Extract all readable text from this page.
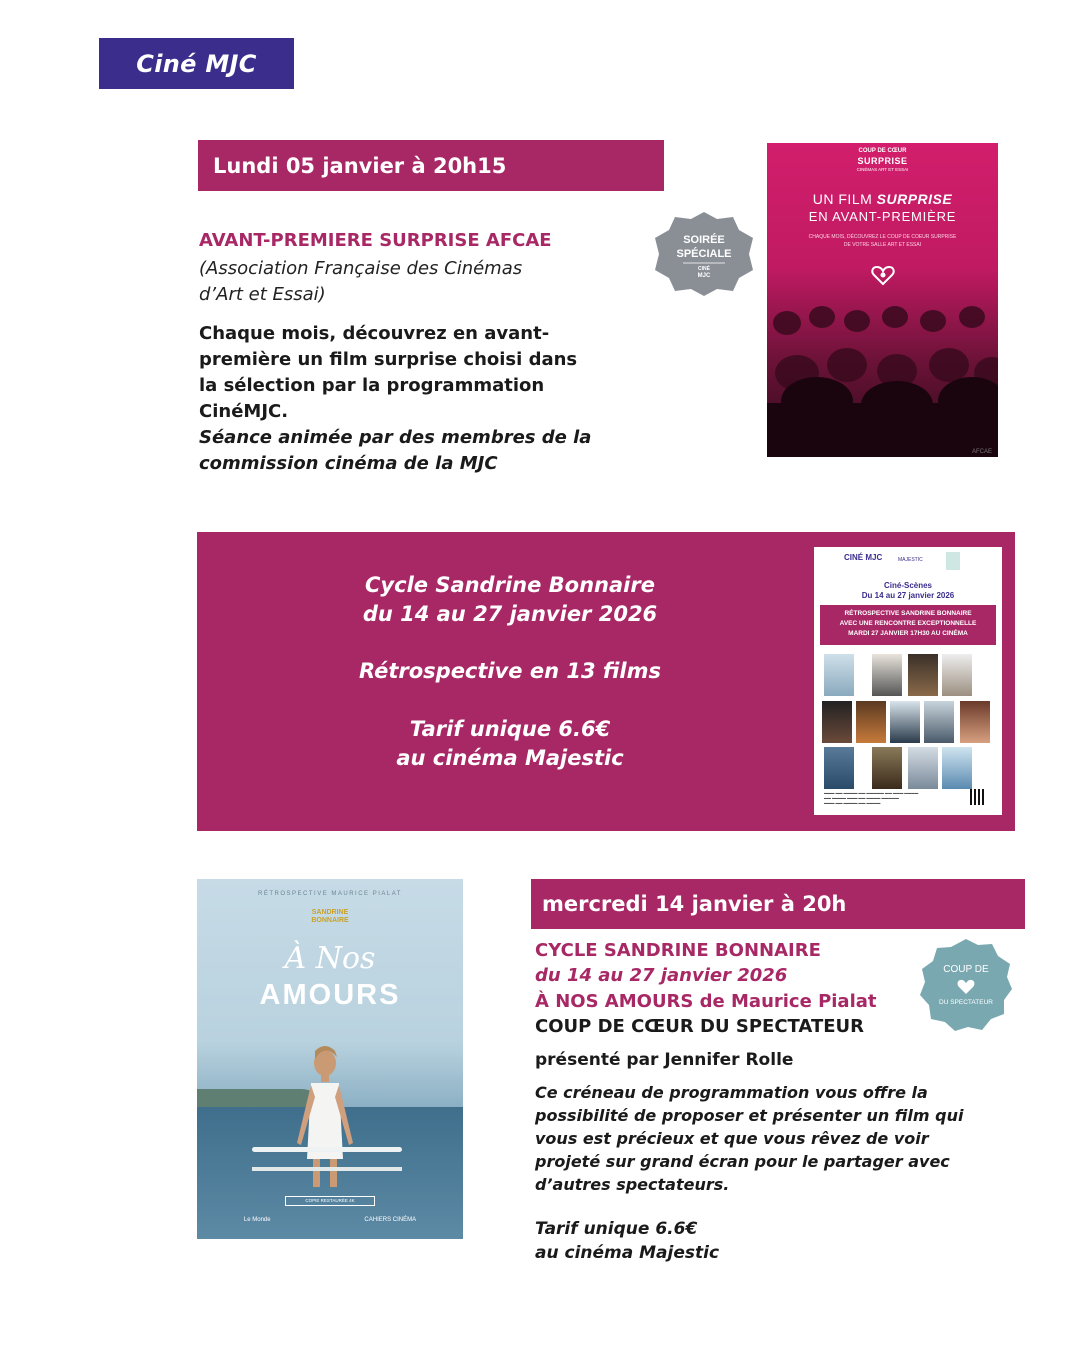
Ciné MJC
Lundi 05 janvier à 20h15
AVANT-PREMIERE SURPRISE AFCAE
(Association Française des Cinémas
d’Art et Essai)
Chaque mois, découvrez en avant-
première un film surprise choisi dans
la sélection par la programmation
CinéMJC.
Séance animée par des membres de la
commission cinéma de la MJC
SOIRÉE
SPÉCIALE
CINÉ
MJC
COUP DE CŒUR
SURPRISE
CINÉMAS ART ET ESSAI
UN FILM SURPRISE
EN AVANT-PREMIÈRE
CHAQUE MOIS, DÉCOUVREZ LE COUP DE COEUR SURPRISE
DE VOTRE SALLE ART ET ESSAI
AFCAE
Cycle Sandrine Bonnaire
du 14 au 27 janvier 2026
Rétrospective en 13 films
Tarif unique 6.6€
au cinéma Majestic
CINÉ MJC	MAJESTIC
Ciné-Scènes
Du 14 au 27 janvier 2026
RÉTROSPECTIVE SANDRINE BONNAIRE
AVEC UNE RENCONTRE EXCEPTIONNELLE
MARDI 27 JANVIER 17H30 AU CINÉMA
▬▬▬ ▬▬ ▬▬▬▬ ▬▬ ▬▬▬▬▬ ▬▬ ▬▬▬ ▬▬▬▬
▬▬ ▬▬▬▬ ▬▬▬ ▬▬ ▬▬▬▬ ▬▬▬▬▬
▬▬▬ ▬▬ ▬▬▬▬ ▬▬ ▬▬▬▬
RÉTROSPECTIVE MAURICE PIALAT
SANDRINE
BONNAIRE
À Nos
AMOURS
COPIE RESTAURÉE 4K
Le Monde	CAHIERS CINÉMA
mercredi 14 janvier à 20h
CYCLE SANDRINE BONNAIRE
du 14 au 27 janvier 2026
À NOS AMOURS de Maurice Pialat
COUP DE CŒUR DU SPECTATEUR
présenté par Jennifer Rolle
Ce créneau de programmation vous offre la
possibilité de proposer et présenter un film qui
vous est précieux et que vous rêvez de voir
projeté sur grand écran pour le partager avec
d’autres spectateurs.
Tarif unique 6.6€
au cinéma Majestic
COUP DE
DU SPECTATEUR
